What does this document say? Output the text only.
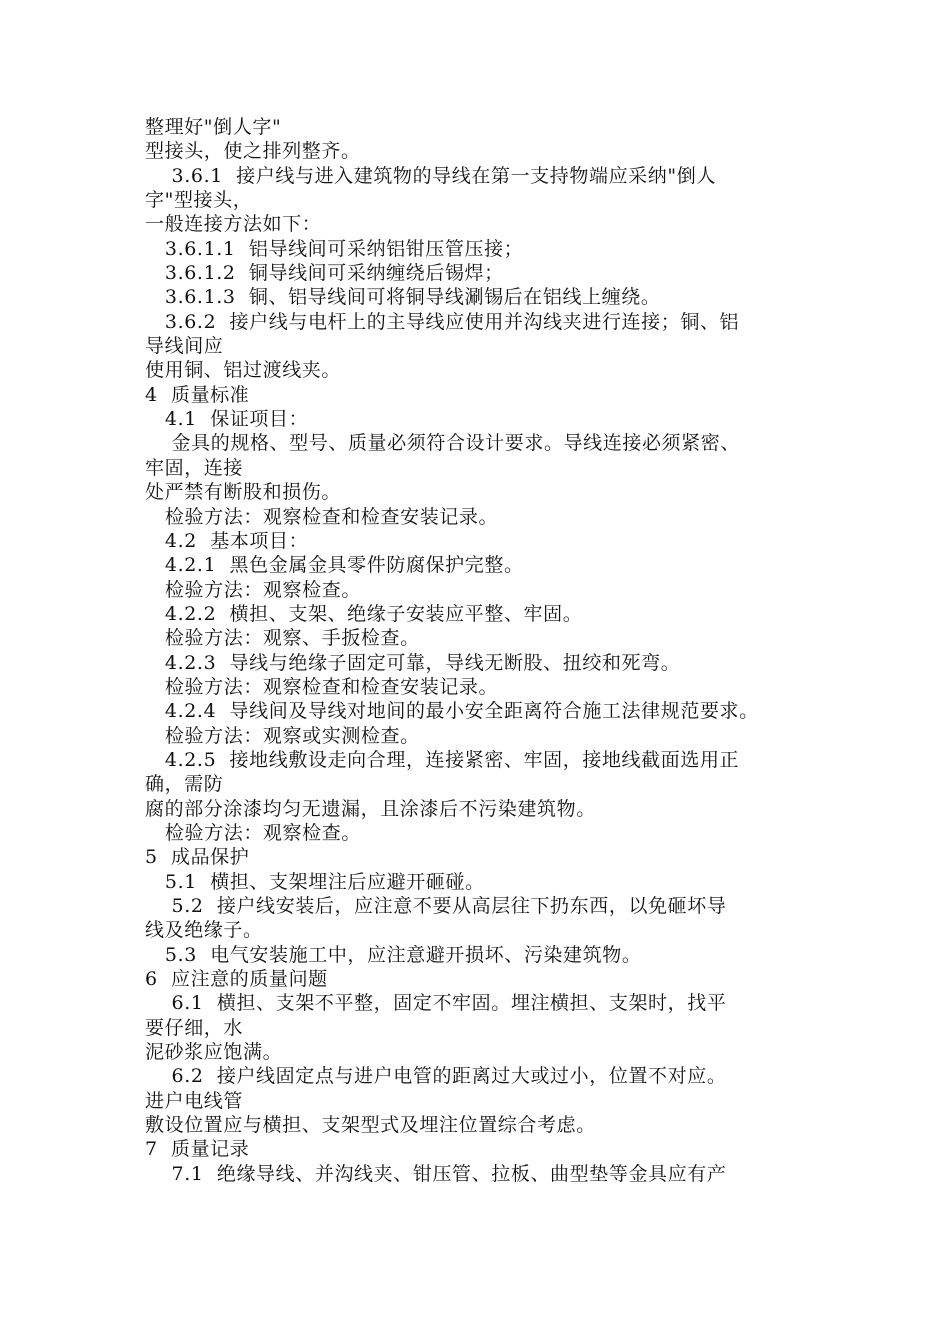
整理好"倒人字"
型接头，使之排列整齐。
3.6.1  接户线与进入建筑物的导线在第一支持物端应采纳"倒人
字"型接头，
一般连接方法如下：
3.6.1.1  铝导线间可采纳铝钳压管压接；
3.6.1.2  铜导线间可采纳缠绕后锡焊；
3.6.1.3  铜、铝导线间可将铜导线涮锡后在铝线上缠绕。
3.6.2  接户线与电杆上的主导线应使用并沟线夹进行连接；铜、铝
导线间应
使用铜、铝过渡线夹。
4  质量标准
4.1  保证项目：
金具的规格、型号、质量必须符合设计要求。导线连接必须紧密、
牢固，连接
处严禁有断股和损伤。
检验方法：观察检查和检查安装记录。
4.2  基本项目：
4.2.1  黑色金属金具零件防腐保护完整。
检验方法：观察检查。
4.2.2  横担、支架、绝缘子安装应平整、牢固。
检验方法：观察、手扳检查。
4.2.3  导线与绝缘子固定可靠，导线无断股、扭绞和死弯。
检验方法：观察检查和检查安装记录。
4.2.4  导线间及导线对地间的最小安全距离符合施工法律规范要求。
检验方法：观察或实测检查。
4.2.5  接地线敷设走向合理，连接紧密、牢固，接地线截面选用正
确，需防
腐的部分涂漆均匀无遗漏，且涂漆后不污染建筑物。
检验方法：观察检查。
5  成品保护
5.1  横担、支架埋注后应避开砸碰。
5.2  接户线安装后，应注意不要从高层往下扔东西，以免砸坏导
线及绝缘子。
5.3  电气安装施工中，应注意避开损坏、污染建筑物。
6  应注意的质量问题
6.1  横担、支架不平整，固定不牢固。埋注横担、支架时，找平
要仔细，水
泥砂浆应饱满。
6.2  接户线固定点与进户电管的距离过大或过小，位置不对应。
进户电线管
敷设位置应与横担、支架型式及埋注位置综合考虑。
7  质量记录
7.1  绝缘导线、并沟线夹、钳压管、拉板、曲型垫等金具应有产
